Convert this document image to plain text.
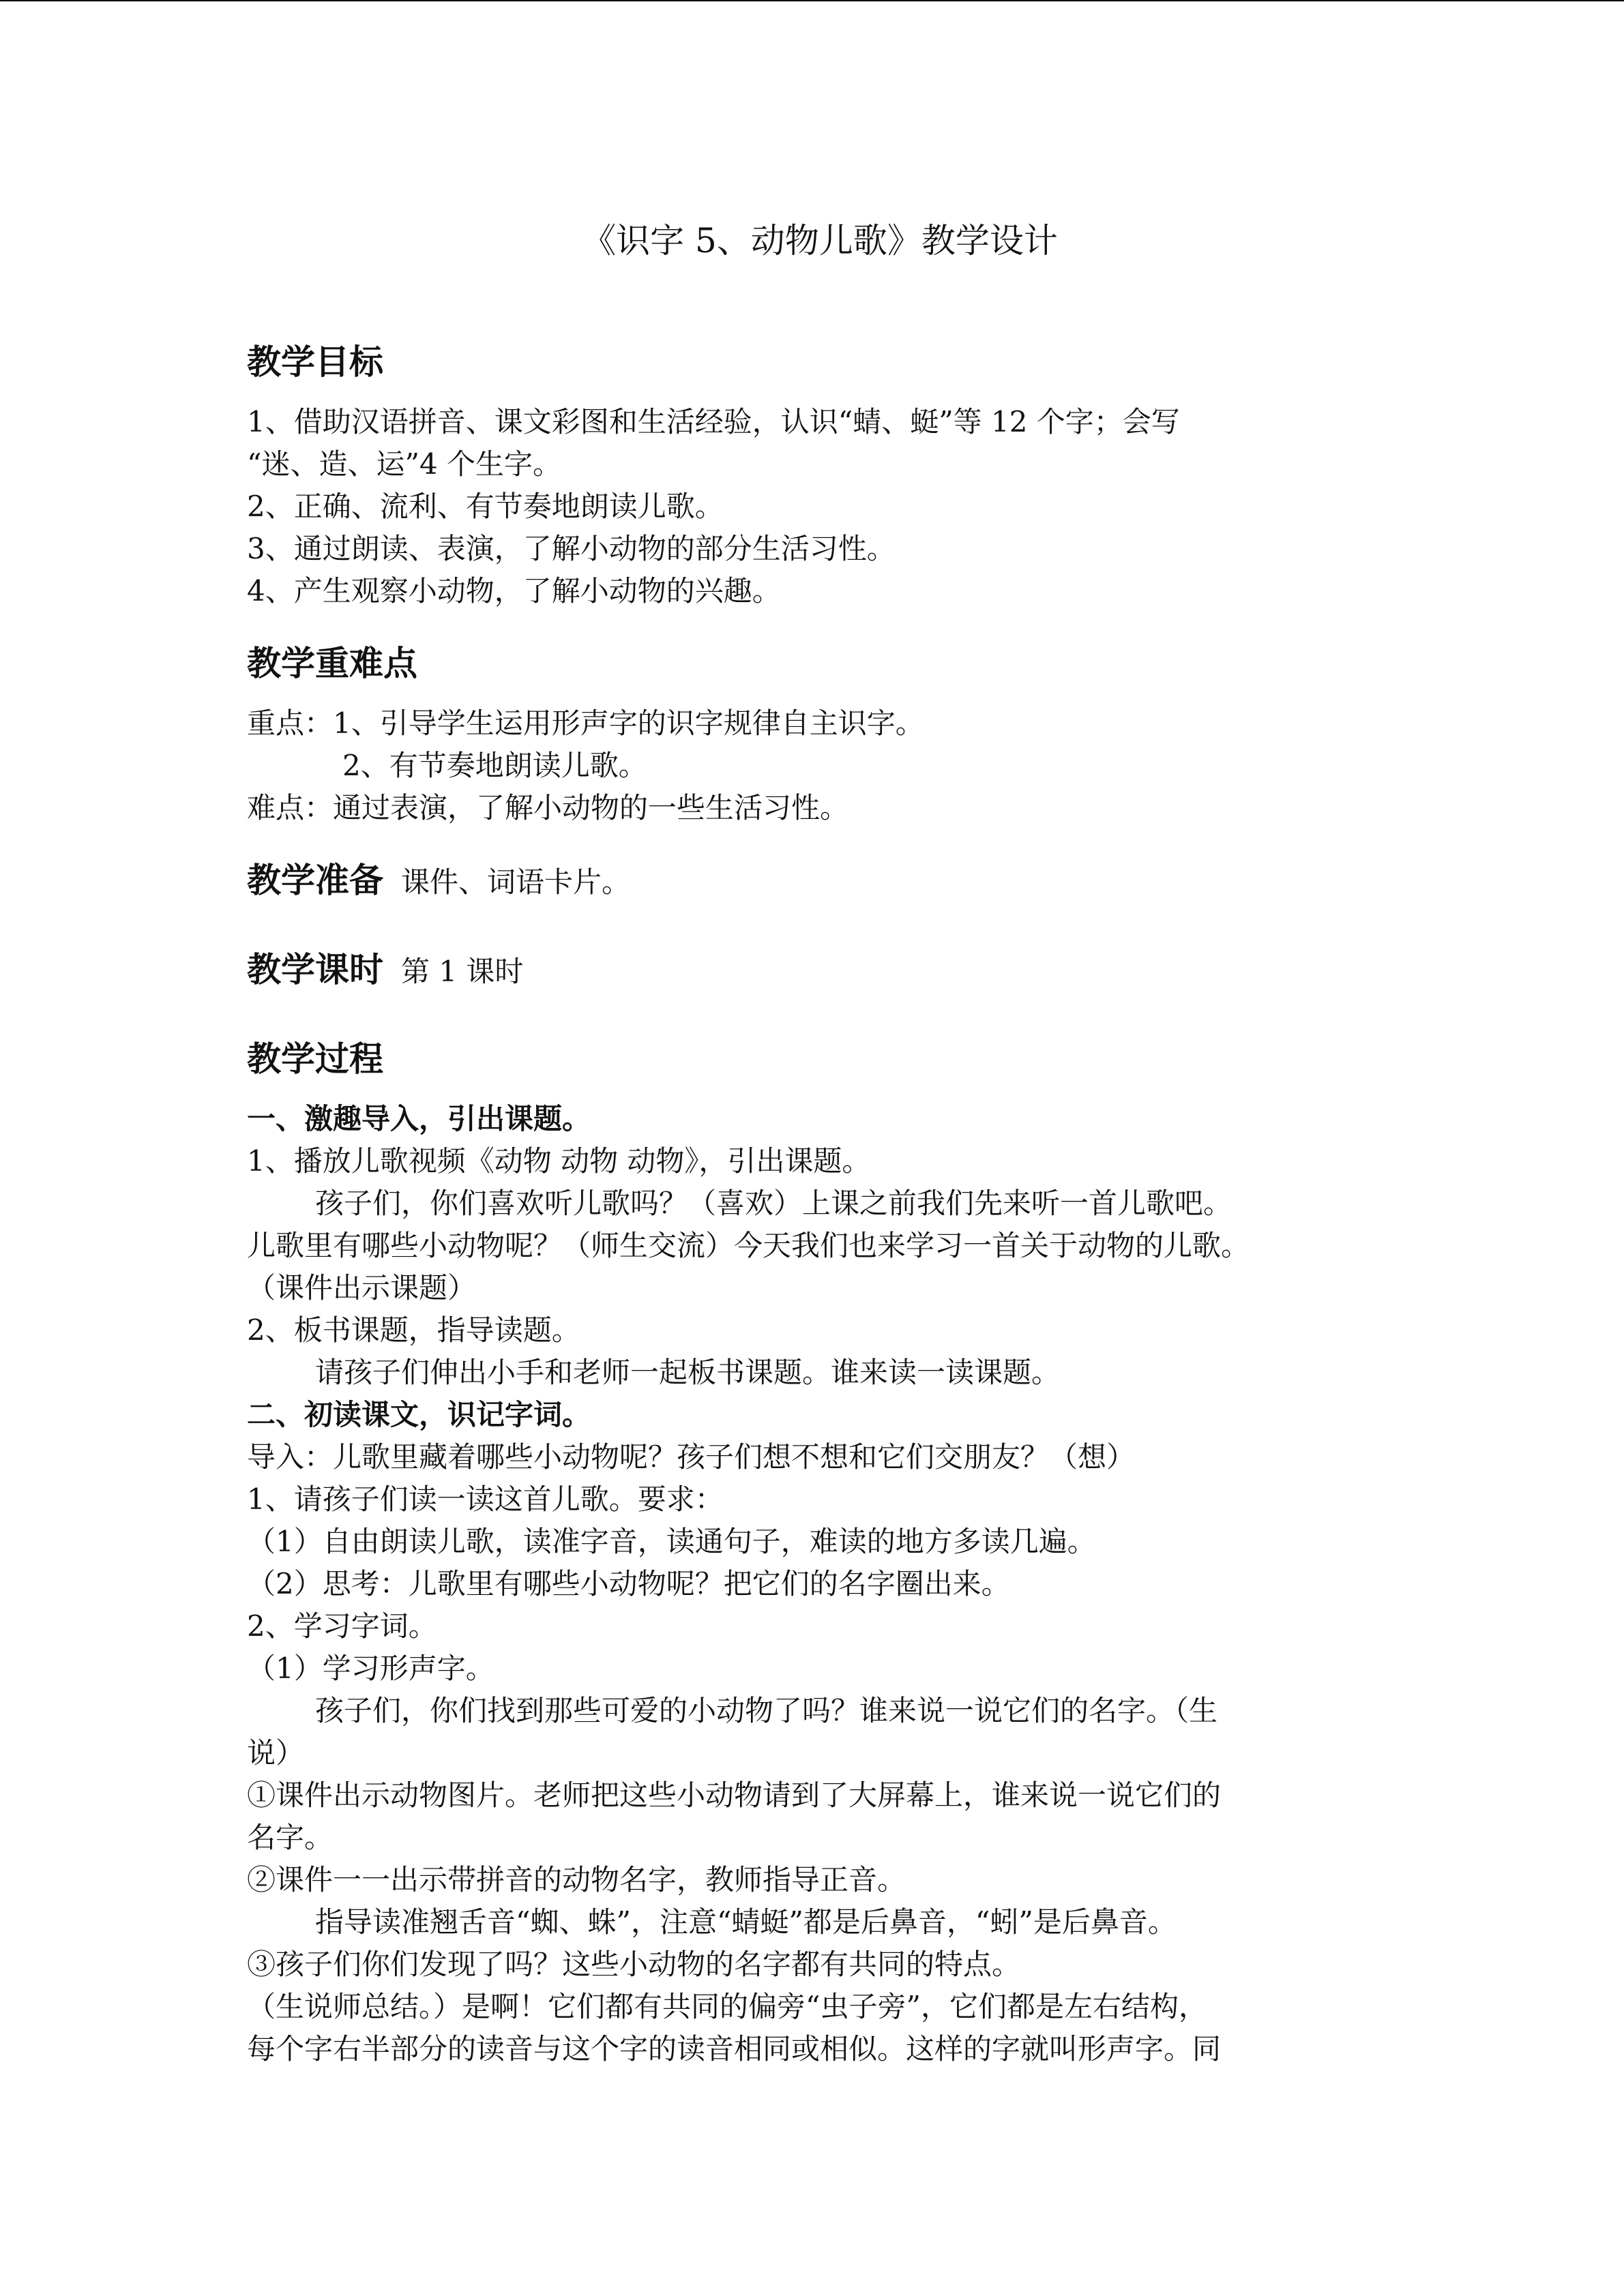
《识字 5、动物儿歌》教学设计
教学目标

1、借助汉语拼音、课文彩图和生活经验，认识“蜻、蜓”等 12 个字；会写

“迷、造、运”4 个生字。

2、正确、流利、有节奏地朗读儿歌。

3、通过朗读、表演，了解小动物的部分生活习性。

4、产生观察小动物，了解小动物的兴趣。

教学重难点

重点：1、引导学生运用形声字的识字规律自主识字。

2、有节奏地朗读儿歌。

难点：通过表演，了解小动物的一些生活习性。

教学准备 课件、词语卡片。
教学课时 第 1 课时
教学过程

一、激趣导入，引出课题。

1、播放儿歌视频《动物 动物 动物》，引出课题。

孩子们，你们喜欢听儿歌吗？（喜欢）上课之前我们先来听一首儿歌吧。

儿歌里有哪些小动物呢？（师生交流）今天我们也来学习一首关于动物的儿歌。

（课件出示课题）

2、板书课题，指导读题。

请孩子们伸出小手和老师一起板书课题。谁来读一读课题。

二、初读课文，识记字词。

导入：儿歌里藏着哪些小动物呢？孩子们想不想和它们交朋友？（想）

1、请孩子们读一读这首儿歌。要求：

（1）自由朗读儿歌，读准字音，读通句子，难读的地方多读几遍。

（2）思考：儿歌里有哪些小动物呢？把它们的名字圈出来。

2、学习字词。

（1）学习形声字。

孩子们，你们找到那些可爱的小动物了吗？谁来说一说它们的名字。（生

说）

①课件出示动物图片。老师把这些小动物请到了大屏幕上，谁来说一说它们的

名字。

②课件一一出示带拼音的动物名字，教师指导正音。

指导读准翘舌音“蜘、蛛”，注意“蜻蜓”都是后鼻音，“蚓”是后鼻音。

③孩子们你们发现了吗？这些小动物的名字都有共同的特点。

（生说师总结。）是啊！它们都有共同的偏旁“虫子旁”，它们都是左右结构，

每个字右半部分的读音与这个字的读音相同或相似。这样的字就叫形声字。同
